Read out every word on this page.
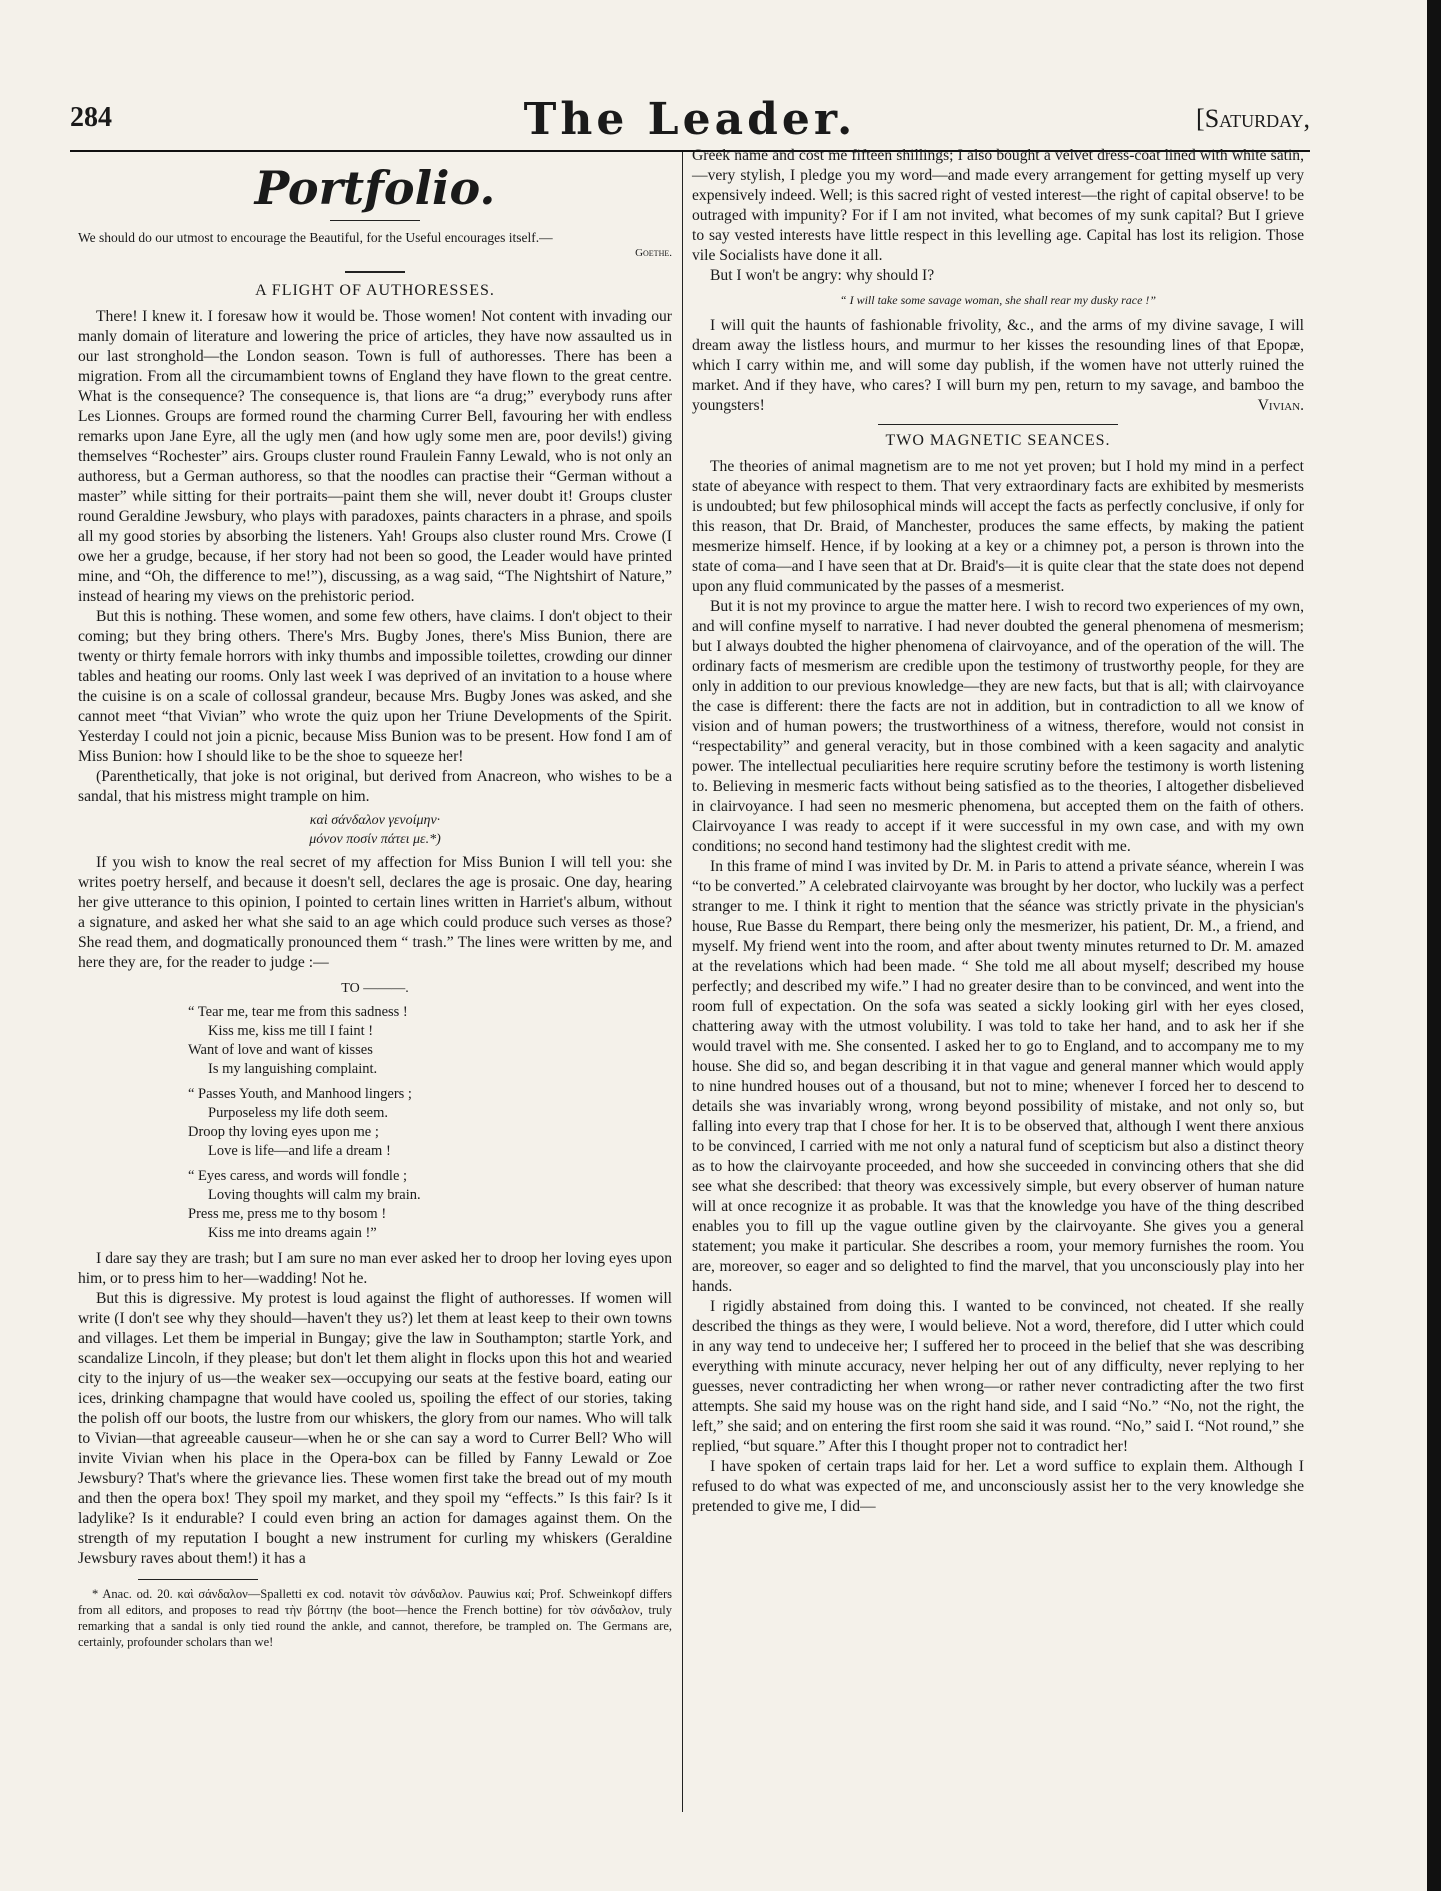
284	The Leader.	[Saturday,
Portfolio.

We should do our utmost to encourage the Beautiful, for the Useful encourages itself.—

Goethe.
A FLIGHT OF AUTHORESSES.

There! I knew it. I foresaw how it would be. Those women! Not content with invading our manly domain of literature and lowering the price of articles, they have now assaulted us in our last stronghold—the London season. Town is full of authoresses. There has been a migration. From all the circumambient towns of England they have flown to the great centre. What is the consequence? The consequence is, that lions are “a drug;” everybody runs after Les Lionnes. Groups are formed round the charming Currer Bell, favouring her with endless remarks upon Jane Eyre, all the ugly men (and how ugly some men are, poor devils!) giving themselves “Rochester” airs. Groups cluster round Fraulein Fanny Lewald, who is not only an authoress, but a German authoress, so that the noodles can practise their “German without a master” while sitting for their portraits—paint them she will, never doubt it! Groups cluster round Geraldine Jewsbury, who plays with paradoxes, paints characters in a phrase, and spoils all my good stories by absorbing the listeners. Yah! Groups also cluster round Mrs. Crowe (I owe her a grudge, because, if her story had not been so good, the Leader would have printed mine, and “Oh, the difference to me!”), discussing, as a wag said, “The Nightshirt of Nature,” instead of hearing my views on the prehistoric period.

But this is nothing. These women, and some few others, have claims. I don't object to their coming; but they bring others. There's Mrs. Bugby Jones, there's Miss Bunion, there are twenty or thirty female horrors with inky thumbs and impossible toilettes, crowding our dinner tables and heating our rooms. Only last week I was deprived of an invitation to a house where the cuisine is on a scale of collossal grandeur, because Mrs. Bugby Jones was asked, and she cannot meet “that Vivian” who wrote the quiz upon her Triune Developments of the Spirit. Yesterday I could not join a picnic, because Miss Bunion was to be present. How fond I am of Miss Bunion: how I should like to be the shoe to squeeze her!

(Parenthetically, that joke is not original, but derived from Anacreon, who wishes to be a sandal, that his mistress might trample on him.

καὶ σάνδαλον γενοίμην·
μόνον ποσίν πάτει με.*)

If you wish to know the real secret of my affection for Miss Bunion I will tell you: she writes poetry herself, and because it doesn't sell, declares the age is prosaic. One day, hearing her give utterance to this opinion, I pointed to certain lines written in Harriet's album, without a signature, and asked her what she said to an age which could produce such verses as those? She read them, and dogmatically pronounced them “ trash.” The lines were written by me, and here they are, for the reader to judge :—

TO ———.
“ Tear me, tear me from this sadness !
Kiss me, kiss me till I faint !
Want of love and want of kisses
Is my languishing complaint.
“ Passes Youth, and Manhood lingers ;
Purposeless my life doth seem.
Droop thy loving eyes upon me ;
Love is life—and life a dream !
“ Eyes caress, and words will fondle ;
Loving thoughts will calm my brain.
Press me, press me to thy bosom !
Kiss me into dreams again !”

I dare say they are trash; but I am sure no man ever asked her to droop her loving eyes upon him, or to press him to her—wadding! Not he.

But this is digressive. My protest is loud against the flight of authoresses. If women will write (I don't see why they should—haven't they us?) let them at least keep to their own towns and villages. Let them be imperial in Bungay; give the law in Southampton; startle York, and scandalize Lincoln, if they please; but don't let them alight in flocks upon this hot and wearied city to the injury of us—the weaker sex—occupying our seats at the festive board, eating our ices, drinking champagne that would have cooled us, spoiling the effect of our stories, taking the polish off our boots, the lustre from our whiskers, the glory from our names. Who will talk to Vivian—that agreeable causeur—when he or she can say a word to Currer Bell? Who will invite Vivian when his place in the Opera-box can be filled by Fanny Lewald or Zoe Jewsbury? That's where the grievance lies. These women first take the bread out of my mouth and then the opera box! They spoil my market, and they spoil my “effects.” Is this fair? Is it ladylike? Is it endurable? I could even bring an action for damages against them. On the strength of my reputation I bought a new instrument for curling my whiskers (Geraldine Jewsbury raves about them!) it has a

* Anac. od. 20. καὶ σάνδαλον—Spalletti ex cod. notavit τὸν σάνδαλον. Pauwius καί; Prof. Schweinkopf differs from all editors, and proposes to read τὴν βόττην (the boot—hence the French bottine) for τὸν σάνδαλον, truly remarking that a sandal is only tied round the ankle, and cannot, therefore, be trampled on. The Germans are, certainly, profounder scholars than we!

Greek name and cost me fifteen shillings; I also bought a velvet dress-coat lined with white satin,—very stylish, I pledge you my word—and made every arrangement for getting myself up very expensively indeed. Well; is this sacred right of vested interest—the right of capital observe! to be outraged with impunity? For if I am not invited, what becomes of my sunk capital? But I grieve to say vested interests have little respect in this levelling age. Capital has lost its religion. Those vile Socialists have done it all.

But I won't be angry: why should I?

“ I will take some savage woman, she shall rear my dusky race !”

I will quit the haunts of fashionable frivolity, &c., and the arms of my divine savage, I will dream away the listless hours, and murmur to her kisses the resounding lines of that Epopæ, which I carry within me, and will some day publish, if the women have not utterly ruined the market. And if they have, who cares? I will burn my pen, return to my savage, and bamboo the youngsters!	Vivian.
TWO MAGNETIC SEANCES.

The theories of animal magnetism are to me not yet proven; but I hold my mind in a perfect state of abeyance with respect to them. That very extraordinary facts are exhibited by mesmerists is undoubted; but few philosophical minds will accept the facts as perfectly conclusive, if only for this reason, that Dr. Braid, of Manchester, produces the same effects, by making the patient mesmerize himself. Hence, if by looking at a key or a chimney pot, a person is thrown into the state of coma—and I have seen that at Dr. Braid's—it is quite clear that the state does not depend upon any fluid communicated by the passes of a mesmerist.

But it is not my province to argue the matter here. I wish to record two experiences of my own, and will confine myself to narrative. I had never doubted the general phenomena of mesmerism; but I always doubted the higher phenomena of clairvoyance, and of the operation of the will. The ordinary facts of mesmerism are credible upon the testimony of trustworthy people, for they are only in addition to our previous knowledge—they are new facts, but that is all; with clairvoyance the case is different: there the facts are not in addition, but in contradiction to all we know of vision and of human powers; the trustworthiness of a witness, therefore, would not consist in “respectability” and general veracity, but in those combined with a keen sagacity and analytic power. The intellectual peculiarities here require scrutiny before the testimony is worth listening to. Believing in mesmeric facts without being satisfied as to the theories, I altogether disbelieved in clairvoyance. I had seen no mesmeric phenomena, but accepted them on the faith of others. Clairvoyance I was ready to accept if it were successful in my own case, and with my own conditions; no second hand testimony had the slightest credit with me.

In this frame of mind I was invited by Dr. M. in Paris to attend a private séance, wherein I was “to be converted.” A celebrated clairvoyante was brought by her doctor, who luckily was a perfect stranger to me. I think it right to mention that the séance was strictly private in the physician's house, Rue Basse du Rempart, there being only the mesmerizer, his patient, Dr. M., a friend, and myself. My friend went into the room, and after about twenty minutes returned to Dr. M. amazed at the revelations which had been made. “ She told me all about myself; described my house perfectly; and described my wife.” I had no greater desire than to be convinced, and went into the room full of expectation. On the sofa was seated a sickly looking girl with her eyes closed, chattering away with the utmost volubility. I was told to take her hand, and to ask her if she would travel with me. She consented. I asked her to go to England, and to accompany me to my house. She did so, and began describing it in that vague and general manner which would apply to nine hundred houses out of a thousand, but not to mine; whenever I forced her to descend to details she was invariably wrong, wrong beyond possibility of mistake, and not only so, but falling into every trap that I chose for her. It is to be observed that, although I went there anxious to be convinced, I carried with me not only a natural fund of scepticism but also a distinct theory as to how the clairvoyante proceeded, and how she succeeded in convincing others that she did see what she described: that theory was excessively simple, but every observer of human nature will at once recognize it as probable. It was that the knowledge you have of the thing described enables you to fill up the vague outline given by the clairvoyante. She gives you a general statement; you make it particular. She describes a room, your memory furnishes the room. You are, moreover, so eager and so delighted to find the marvel, that you unconsciously play into her hands.

I rigidly abstained from doing this. I wanted to be convinced, not cheated. If she really described the things as they were, I would believe. Not a word, therefore, did I utter which could in any way tend to undeceive her; I suffered her to proceed in the belief that she was describing everything with minute accuracy, never helping her out of any difficulty, never replying to her guesses, never contradicting her when wrong—or rather never contradicting after the two first attempts. She said my house was on the right hand side, and I said “No.” “No, not the right, the left,” she said; and on entering the first room she said it was round. “No,” said I. “Not round,” she replied, “but square.” After this I thought proper not to contradict her!

I have spoken of certain traps laid for her. Let a word suffice to explain them. Although I refused to do what was expected of me, and unconsciously assist her to the very knowledge she pretended to give me, I did—
